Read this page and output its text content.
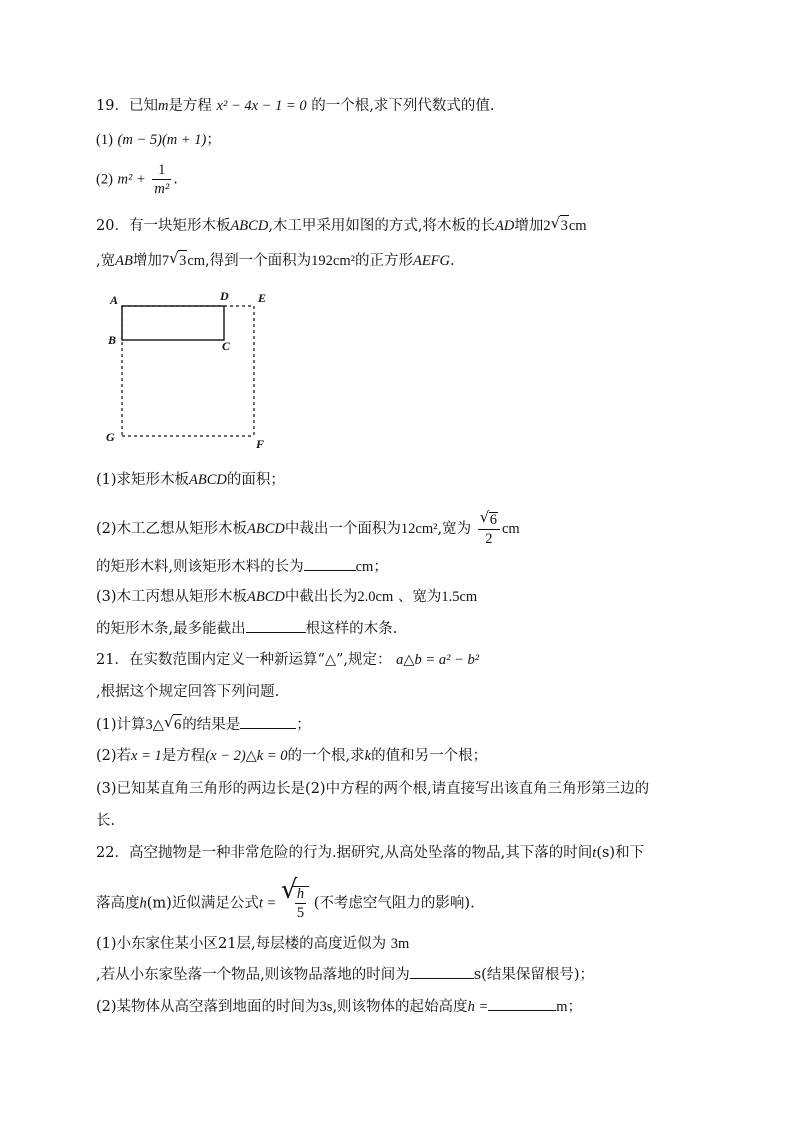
19．已知m是方程 x² − 4x − 1 = 0 的一个根,求下列代数式的值.
(1) (m − 5)(m + 1)；
(2) $m^2 + \frac{1}{\text{m²}}$ .
20．有一块矩形木板ABCD,木工甲采用如图的方式,将木板的长AD增加2 √ 3cm
,宽AB增加7 √ 3cm,得到一个面积为192cm²的正方形AEFG.
A
B	C
D E
F
G
(1)求矩形木板ABCD的面积；
(2)木工乙想从矩形木板ABCD中裁出一个面积为12cm²,宽为 $\frac{√ 6}{2}$ cm
的矩形木料,则该矩形木料的长为	cm；
(3)木工丙想从矩形木板ABCD中截出长为2.0cm 、宽为1.5cm
的矩形木条,最多能截出	根这样的木条.
21．在实数范围内定义一种新运算“△”,规定： a△b = a² − b²
,根据这个规定回答下列问题.
(1)计算3△ √ 6的结果是	；
(2)若x = 1是方程(x − 2)△k = 0的一个根,求k的值和另一个根；
(3)已知某直角三角形的两边长是(2)中方程的两个根,请直接写出该直角三角形第三边的
长.
22．高空抛物是一种非常危险的行为.据研究,从高处坠落的物品,其下落的时间t(s)和下
落高度h(m)近似满足公式t = √
$\frac{h}{5}$ (不考虑空气阻力的影响).
(1)小东家住某小区21层,每层楼的高度近似为 3m
,若从小东家坠落一个物品,则该物品落地的时间为	s(结果保留根号)；
(2)某物体从高空落到地面的时间为3s,则该物体的起始高度h =	m；
